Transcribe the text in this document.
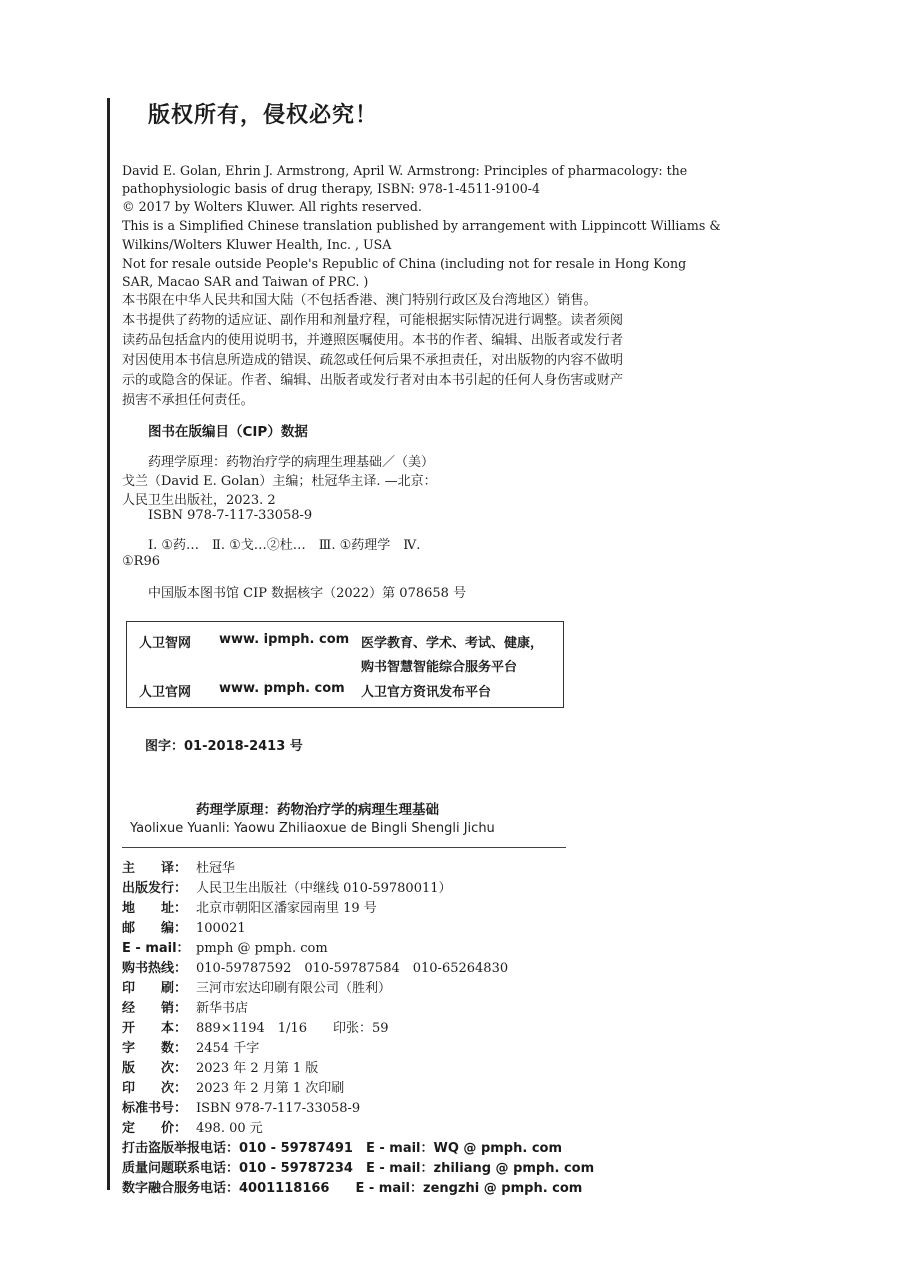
版权所有，侵权必究！
David E. Golan, Ehrin J. Armstrong, April W. Armstrong: Principles of pharmacology: the
pathophysiologic basis of drug therapy, ISBN: 978-1-4511-9100-4
© 2017 by Wolters Kluwer. All rights reserved.
This is a Simplified Chinese translation published by arrangement with Lippincott Williams &
Wilkins/Wolters Kluwer Health, Inc. , USA
Not for resale outside People's Republic of China (including not for resale in Hong Kong
SAR, Macao SAR and Taiwan of PRC. )
本书限在中华人民共和国大陆（不包括香港、澳门特别行政区及台湾地区）销售。
本书提供了药物的适应证、副作用和剂量疗程，可能根据实际情况进行调整。读者须阅
读药品包括盒内的使用说明书，并遵照医嘱使用。本书的作者、编辑、出版者或发行者
对因使用本书信息所造成的错误、疏忽或任何后果不承担责任，对出版物的内容不做明
示的或隐含的保证。作者、编辑、出版者或发行者对由本书引起的任何人身伤害或财产
损害不承担任何责任。
图书在版编目（CIP）数据
药理学原理：药物治疗学的病理生理基础／（美）
戈兰（David E. Golan）主编；杜冠华主译. —北京：
人民卫生出版社，2023. 2
ISBN 978-7-117-33058-9
Ⅰ. ①药…　Ⅱ. ①戈…②杜…　Ⅲ. ①药理学　Ⅳ.
①R96
中国版本图书馆 CIP 数据核字（2022）第 078658 号
人卫智网 www. ipmph. com 医学教育、学术、考试、健康，
购书智慧智能综合服务平台
人卫官网 www. pmph. com 人卫官方资讯发布平台
图字：01-2018-2413 号
药理学原理：药物治疗学的病理生理基础
Yaolixue Yuanli: Yaowu Zhiliaoxue de Bingli Shengli Jichu
主　　译： 杜冠华
出版发行： 人民卫生出版社（中继线 010-59780011）
地　　址： 北京市朝阳区潘家园南里 19 号
邮　　编： 100021
E - mail： pmph @ pmph. com
购书热线： 010-59787592　010-59787584　010-65264830
印　　刷： 三河市宏达印刷有限公司（胜利）
经　　销： 新华书店
开　　本： 889×1194　1/16　　印张：59
字　　数： 2454 千字
版　　次： 2023 年 2 月第 1 版
印　　次： 2023 年 2 月第 1 次印刷
标准书号： ISBN 978-7-117-33058-9
定　　价： 498. 00 元
打击盗版举报电话：010 - 59787491　E - mail：WQ @ pmph. com
质量问题联系电话：010 - 59787234　E - mail：zhiliang @ pmph. com
数字融合服务电话：4001118166　　E - mail：zengzhi @ pmph. com
